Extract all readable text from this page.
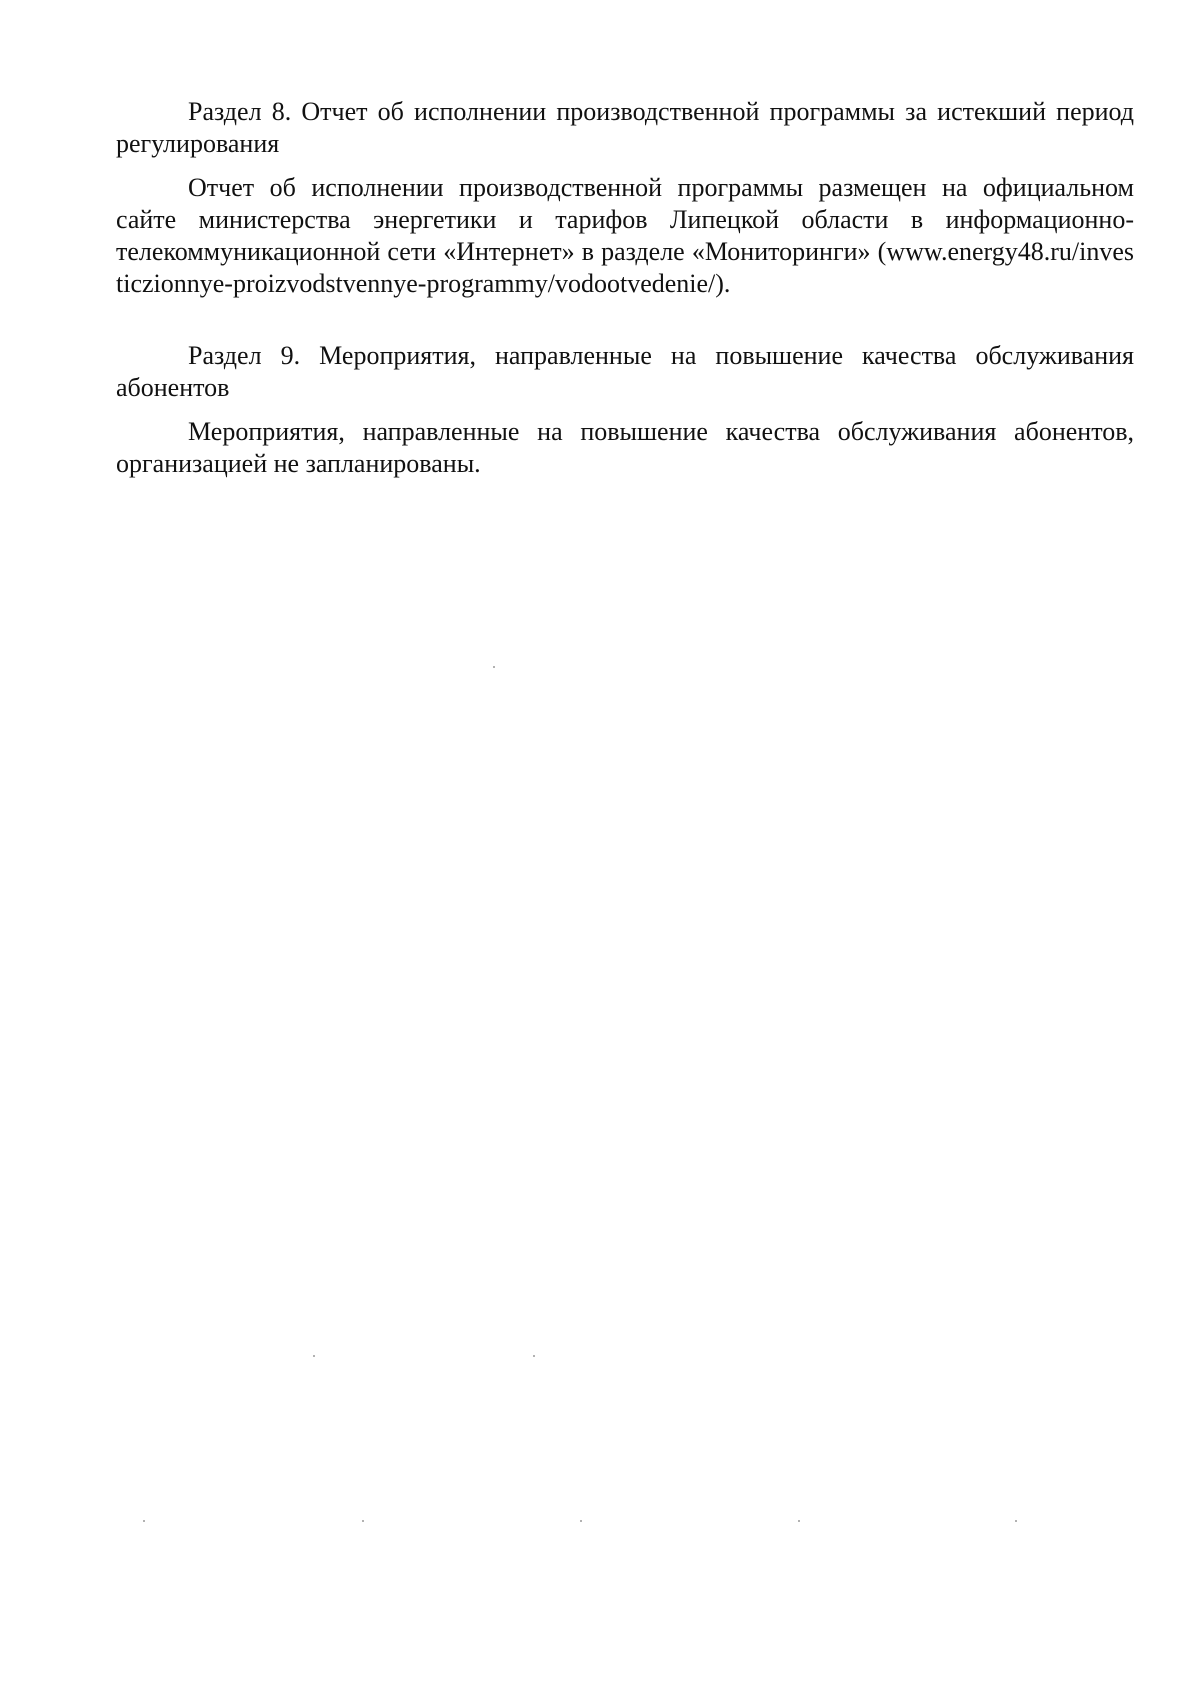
Раздел 8. Отчет об исполнении производственной программы за истекший период регулирования

Отчет об исполнении производственной программы размещен на официальном сайте министерства энергетики и тарифов Липецкой области в информационно-телекоммуникационной сети «Интернет» в разделе «Мониторинги» (www.energy48.ru/investiczionnye-proizvodstvennye-programmy/vodootvedenie/).

Раздел 9. Мероприятия, направленные на повышение качества обслуживания абонентов

Мероприятия, направленные на повышение качества обслуживания абонентов, организацией не запланированы.
